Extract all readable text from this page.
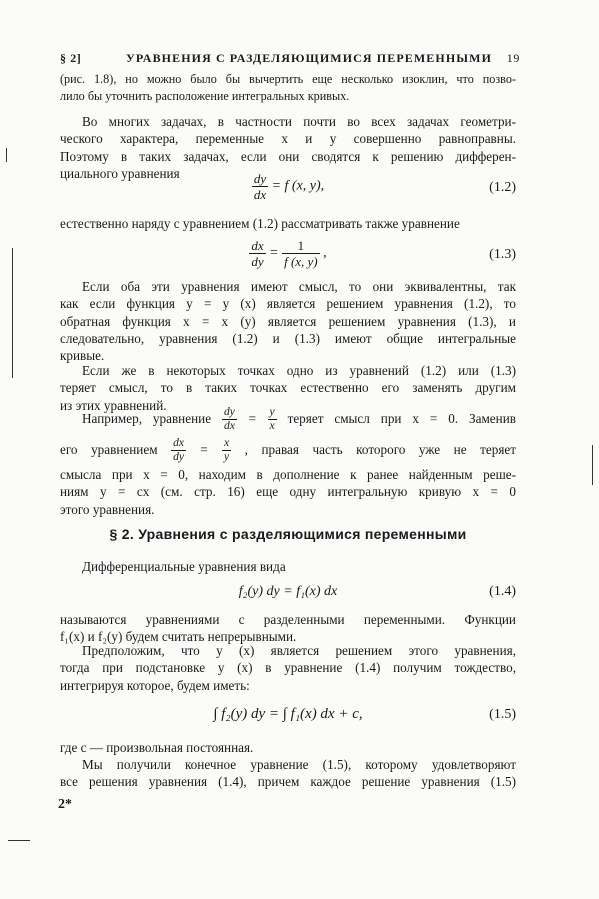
§ 2]	УРАВНЕНИЯ С РАЗДЕЛЯЮЩИМИСЯ ПЕРЕМЕННЫМИ 19
(рис. 1.8), но можно было бы вычертить еще несколько изоклин, что позво-
лило бы уточнить расположение интегральных кривых.
Во многих задачах, в частности почти во всех задачах геометри-
ческого характера, переменные x и y совершенно равноправны.
Поэтому в таких задачах, если они сводятся к решению дифферен-
циального уравнения	$\frac{dy}{dx} = f$ (x, y),	(1.2)
естественно наряду с уравнением (1.2) рассматривать также уравнение
$\frac{dx}{dy} = \frac{1}{f (x, y)}$ ,	(1.3)
Если оба эти уравнения имеют смысл, то они эквивалентны, так
как если функция y = y (x) является решением уравнения (1.2), то
обратная функция x = x (y) является решением уравнения (1.3), и
следовательно, уравнения (1.2) и (1.3) имеют общие интегральные
кривые.
Если же в некоторых точках одно из уравнений (1.2) или (1.3)
теряет смысл, то в таких точках естественно его заменять другим
из этих уравнений.
Например, уравнение $\frac{dy}{dx} = \frac{y}{x}$ теряет смысл при x = 0. Заменив
его уравнением $\frac{dx}{dy} = \frac{x}{y}$ , правая часть которого уже не теряет
смысла при x = 0, находим в дополнение к ранее найденным реше-
ниям y = cx (см. стр. 16) еще одну интегральную кривую x = 0
этого уравнения.
§ 2. Уравнения с разделяющимися переменными
Дифференциальные уравнения вида
f₂(y) dy = f₁(x) dx	(1.4)
называются уравнениями с разделенными переменными. Функции
f₁(x) и f₂(y) будем считать непрерывными.
Предположим, что y (x) является решением этого уравнения,
тогда при подстановке y (x) в уравнение (1.4) получим тождество,
интегрируя которое, будем иметь:
∫ f₂(y) dy = ∫ f₁(x) dx + c,	(1.5)
где c — произвольная постоянная.
Мы получили конечное уравнение (1.5), которому удовлетворяют
все решения уравнения (1.4), причем каждое решение уравнения (1.5)
2*
